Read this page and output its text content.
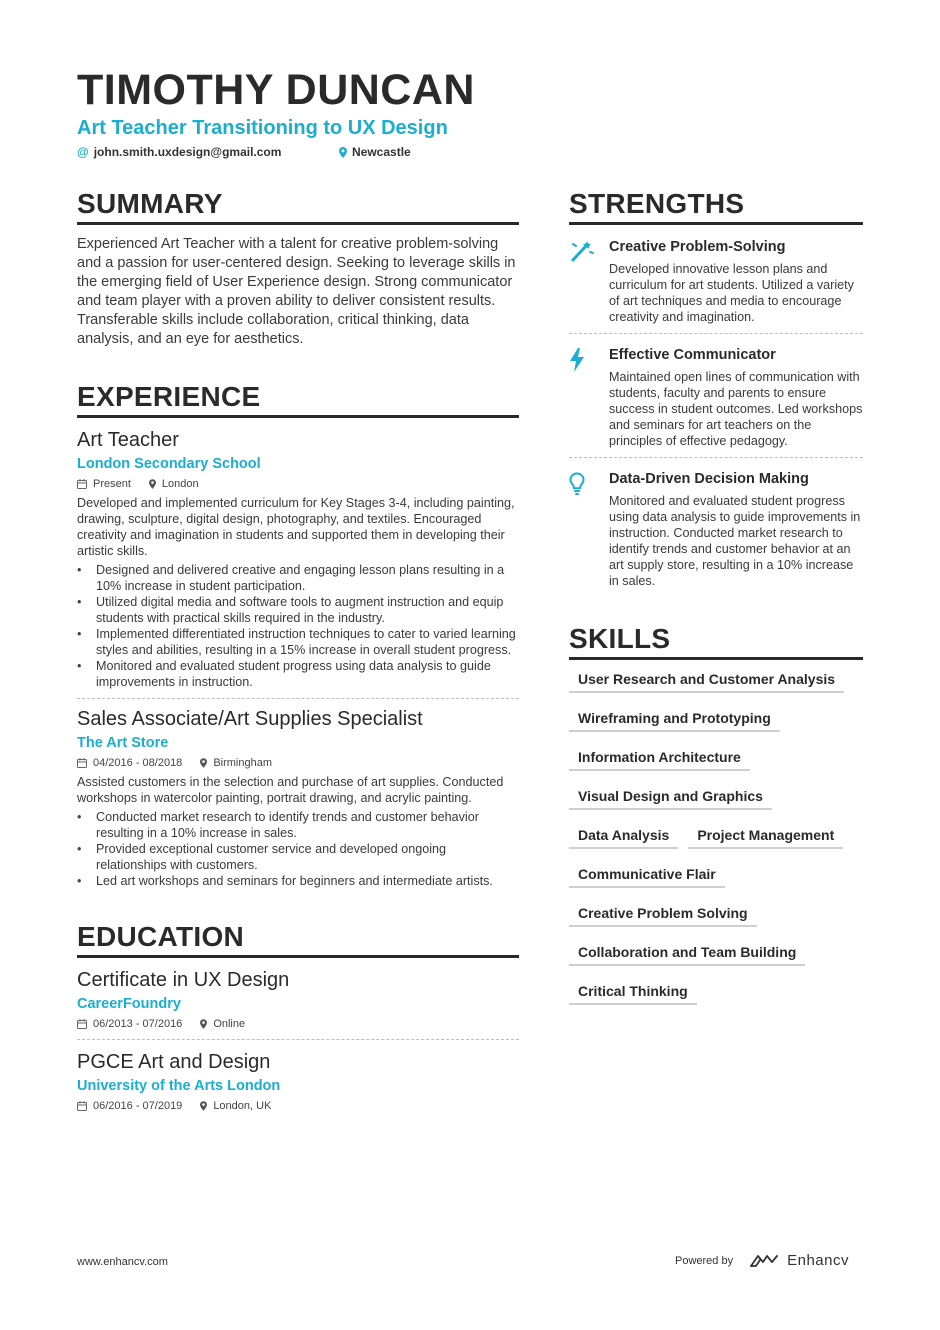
TIMOTHY DUNCAN
Art Teacher Transitioning to UX Design
@ john.smith.uxdesign@gmail.com	Newcastle
SUMMARY
Experienced Art Teacher with a talent for creative problem-solving and a passion for user-centered design. Seeking to leverage skills in the emerging field of User Experience design. Strong communicator and team player with a proven ability to deliver consistent results. Transferable skills include collaboration, critical thinking, data analysis, and an eye for aesthetics.
EXPERIENCE
Art Teacher
London Secondary School
Present	London
Developed and implemented curriculum for Key Stages 3-4, including painting, drawing, sculpture, digital design, photography, and textiles. Encouraged creativity and imagination in students and supported them in developing their artistic skills.
• Designed and delivered creative and engaging lesson plans resulting in a 10% increase in student participation.
• Utilized digital media and software tools to augment instruction and equip students with practical skills required in the industry.
• Implemented differentiated instruction techniques to cater to varied learning styles and abilities, resulting in a 15% increase in overall student progress.
• Monitored and evaluated student progress using data analysis to guide improvements in instruction.
Sales Associate/Art Supplies Specialist
The Art Store
04/2016 - 08/2018	Birmingham
Assisted customers in the selection and purchase of art supplies. Conducted workshops in watercolor painting, portrait drawing, and acrylic painting.
• Conducted market research to identify trends and customer behavior resulting in a 10% increase in sales.
• Provided exceptional customer service and developed ongoing relationships with customers.
• Led art workshops and seminars for beginners and intermediate artists.
EDUCATION
Certificate in UX Design
CareerFoundry
06/2013 - 07/2016	Online
PGCE Art and Design
University of the Arts London
06/2016 - 07/2019	London, UK
STRENGTHS
Creative Problem-Solving
Developed innovative lesson plans and curriculum for art students. Utilized a variety of art techniques and media to encourage creativity and imagination.
Effective Communicator
Maintained open lines of communication with students, faculty and parents to ensure success in student outcomes. Led workshops and seminars for art teachers on the principles of effective pedagogy.
Data-Driven Decision Making
Monitored and evaluated student progress using data analysis to guide improvements in instruction. Conducted market research to identify trends and customer behavior at an art supply store, resulting in a 10% increase in sales.
SKILLS
User Research and Customer Analysis
Wireframing and Prototyping
Information Architecture
Visual Design and Graphics
Data Analysis	Project Management
Communicative Flair
Creative Problem Solving
Collaboration and Team Building
Critical Thinking
www.enhancv.com	Powered by	Enhancv
